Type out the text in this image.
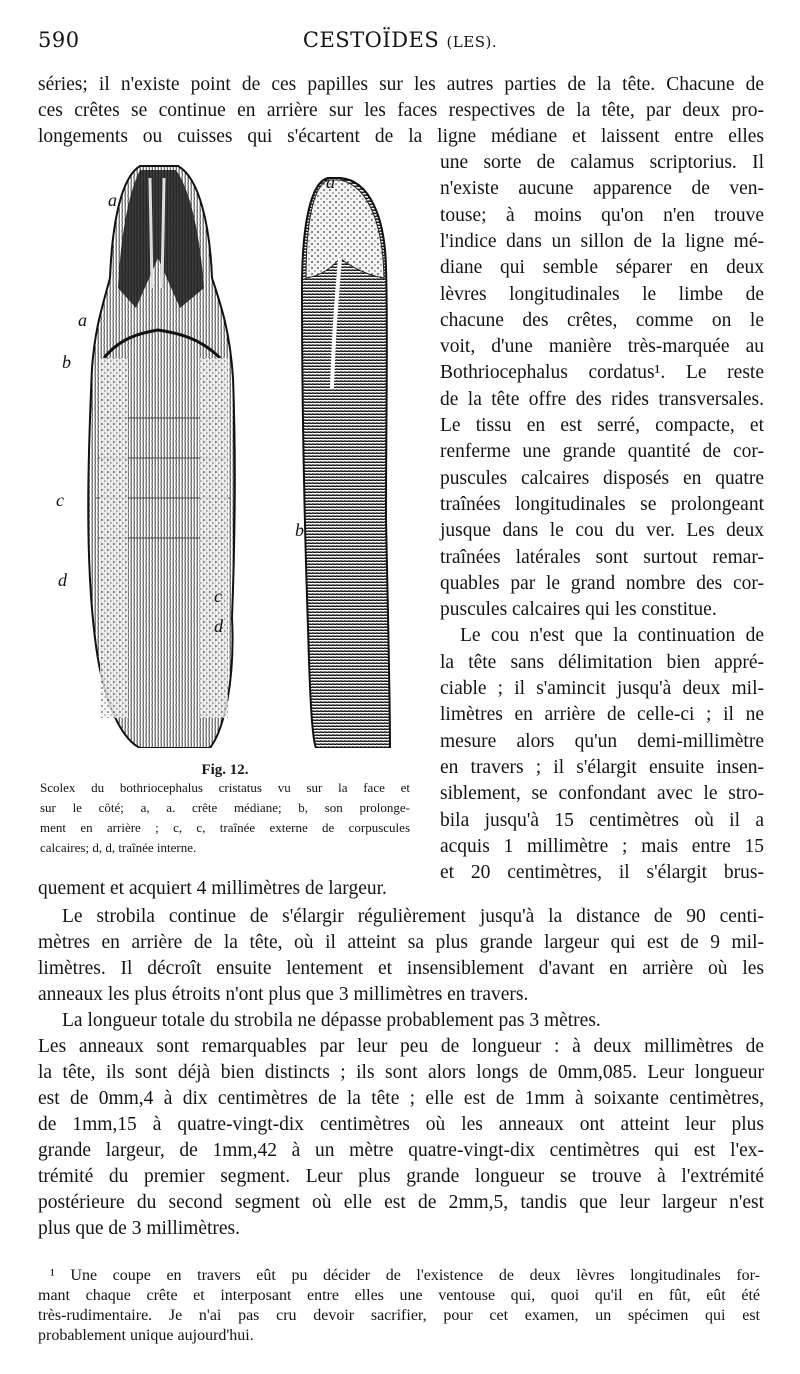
590	CESTOÏDES (LES).
séries; il n'existe point de ces papilles sur les autres parties de la tête. Chacune de
ces crêtes se continue en arrière sur les faces respectives de la tête, par deux pro-
longements ou cuisses qui s'écartent de la ligne médiane et laissent entre elles
une sorte de calamus scriptorius. Il
n'existe aucune apparence de ven-
touse; à moins qu'on n'en trouve
l'indice dans un sillon de la ligne mé-
diane qui semble séparer en deux
lèvres longitudinales le limbe de
chacune des crêtes, comme on le
voit, d'une manière très-marquée au
Bothriocephalus cordatus¹. Le reste
de la tête offre des rides transversales.
Le tissu en est serré, compacte, et
renferme une grande quantité de cor-
puscules calcaires disposés en quatre
traînées longitudinales se prolongeant
jusque dans le cou du ver. Les deux
traînées latérales sont surtout remar-
quables par le grand nombre des cor-
puscules calcaires qui les constitue.
Le cou n'est que la continuation de
la tête sans délimitation bien appré-
ciable ; il s'amincit jusqu'à deux mil-
limètres en arrière de celle-ci ; il ne
mesure alors qu'un demi-millimètre
en travers ; il s'élargit ensuite insen-
siblement, se confondant avec le stro-
bila jusqu'à 15 centimètres où il a
acquis 1 millimètre ; mais entre 15
et 20 centimètres, il s'élargit brus-
quement et acquiert 4 millimètres de largeur.
Le strobila continue de s'élargir régulièrement jusqu'à la distance de 90 centi-
mètres en arrière de la tête, où il atteint sa plus grande largeur qui est de 9 mil-
limètres. Il décroît ensuite lentement et insensiblement d'avant en arrière où les
anneaux les plus étroits n'ont plus que 3 millimètres en travers.
La longueur totale du strobila ne dépasse probablement pas 3 mètres.
Les anneaux sont remarquables par leur peu de longueur : à deux millimètres de
la tête, ils sont déjà bien distincts ; ils sont alors longs de 0mm,085. Leur longueur
est de 0mm,4 à dix centimètres de la tête ; elle est de 1mm à soixante centimètres,
de 1mm,15 à quatre-vingt-dix centimètres où les anneaux ont atteint leur plus
grande largeur, de 1mm,42 à un mètre quatre-vingt-dix centimètres qui est l'ex-
trémité du premier segment. Leur plus grande longueur se trouve à l'extrémité
postérieure du second segment où elle est de 2mm,5, tandis que leur largeur n'est
plus que de 3 millimètres.
a
a
b
c
d
c
d
a
b
Fig. 12.
Scolex du bothriocephalus cristatus vu sur la face et
sur le côté; a, a. crête médiane; b, son prolonge-
ment en arrière ; c, c, traînée externe de corpuscules
calcaires; d, d, traînée interne.
¹ Une coupe en travers eût pu décider de l'existence de deux lèvres longitudinales for-
mant chaque crête et interposant entre elles une ventouse qui, quoi qu'il en fût, eût été
très-rudimentaire. Je n'ai pas cru devoir sacrifier, pour cet examen, un spécimen qui est
probablement unique aujourd'hui.
